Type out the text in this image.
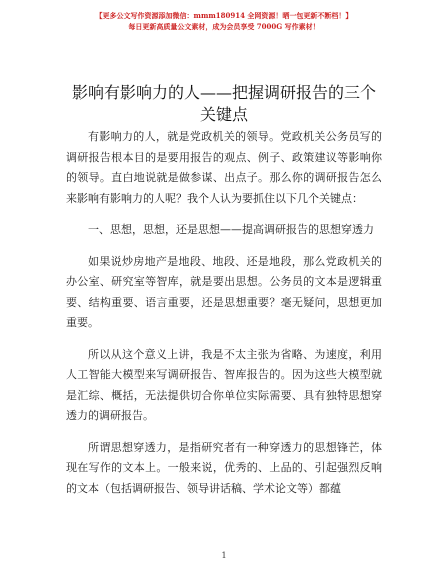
【更多公文写作资源添加微信：mmm180914 全网资源！晒一包更新不断档！】
每日更新高质量公文素材，成为会员享受 7000G 写作素材！
影响有影响力的人——把握调研报告的三个关键点

有影响力的人，就是党政机关的领导。党政机关公务员写的调研报告根本目的是要用报告的观点、例子、政策建议等影响你的领导。直白地说就是做参谋、出点子。那么你的调研报告怎么来影响有影响力的人呢？我个人认为要抓住以下几个关键点：

一、思想，思想，还是思想——提高调研报告的思想穿透力

如果说炒房地产是地段、地段、还是地段，那么党政机关的办公室、研究室等智库，就是要出思想。公务员的文本是逻辑重要、结构重要、语言重要，还是思想重要？毫无疑问，思想更加重要。

所以从这个意义上讲，我是不太主张为省略、为速度，利用人工智能大模型来写调研报告、智库报告的。因为这些大模型就是汇综、概括，无法提供切合你单位实际需要、具有独特思想穿透力的调研报告。

所谓思想穿透力，是指研究者有一种穿透力的思想锋芒，体现在写作的文本上。一般来说，优秀的、上品的、引起强烈反响的文本（包括调研报告、领导讲话稿、学术论文等）都蕴

1
